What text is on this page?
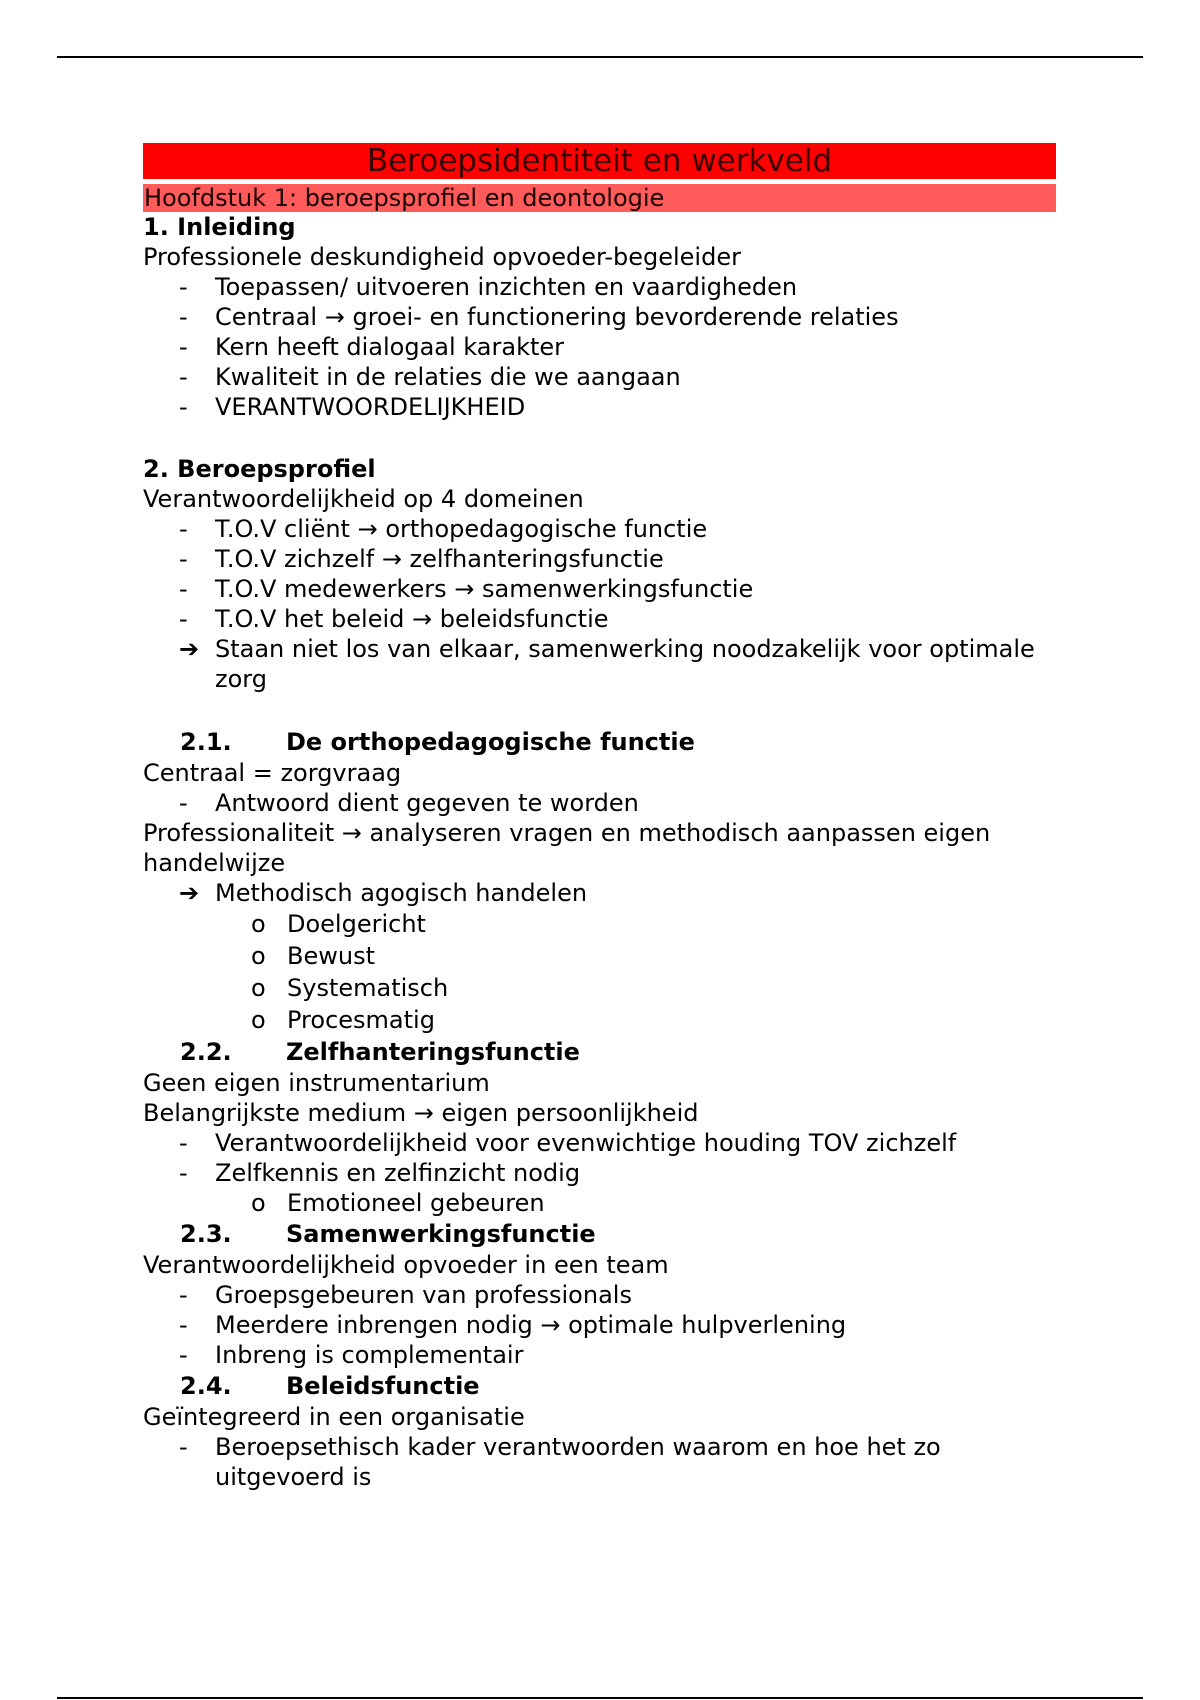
Beroepsidentiteit en werkveld
Hoofdstuk 1: beroepsprofiel en deontologie
1. Inleiding
Professionele deskundigheid opvoeder-begeleider
-	Toepassen/ uitvoeren inzichten en vaardigheden
-	Centraal → groei- en functionering bevorderende relaties
-	Kern heeft dialogaal karakter
-	Kwaliteit in de relaties die we aangaan
-	VERANTWOORDELIJKHEID
2. Beroepsprofiel
Verantwoordelijkheid op 4 domeinen
-	T.O.V cliënt → orthopedagogische functie
-	T.O.V zichzelf → zelfhanteringsfunctie
-	T.O.V medewerkers → samenwerkingsfunctie
-	T.O.V het beleid → beleidsfunctie
➔ Staan niet los van elkaar, samenwerking noodzakelijk voor optimale zorg
2.1. De orthopedagogische functie
Centraal = zorgvraag
-	Antwoord dient gegeven te worden
Professionaliteit → analyseren vragen en methodisch aanpassen eigen handelwijze
➔ Methodisch agogisch handelen
o Doelgericht
o Bewust
o Systematisch
o Procesmatig
2.2. Zelfhanteringsfunctie
Geen eigen instrumentarium
Belangrijkste medium → eigen persoonlijkheid
-	Verantwoordelijkheid voor evenwichtige houding TOV zichzelf
-	Zelfkennis en zelfinzicht nodig
o Emotioneel gebeuren
2.3. Samenwerkingsfunctie
Verantwoordelijkheid opvoeder in een team
-	Groepsgebeuren van professionals
-	Meerdere inbrengen nodig → optimale hulpverlening
-	Inbreng is complementair
2.4. Beleidsfunctie
Geïntegreerd in een organisatie
-	Beroepsethisch kader verantwoorden waarom en hoe het zo uitgevoerd is
